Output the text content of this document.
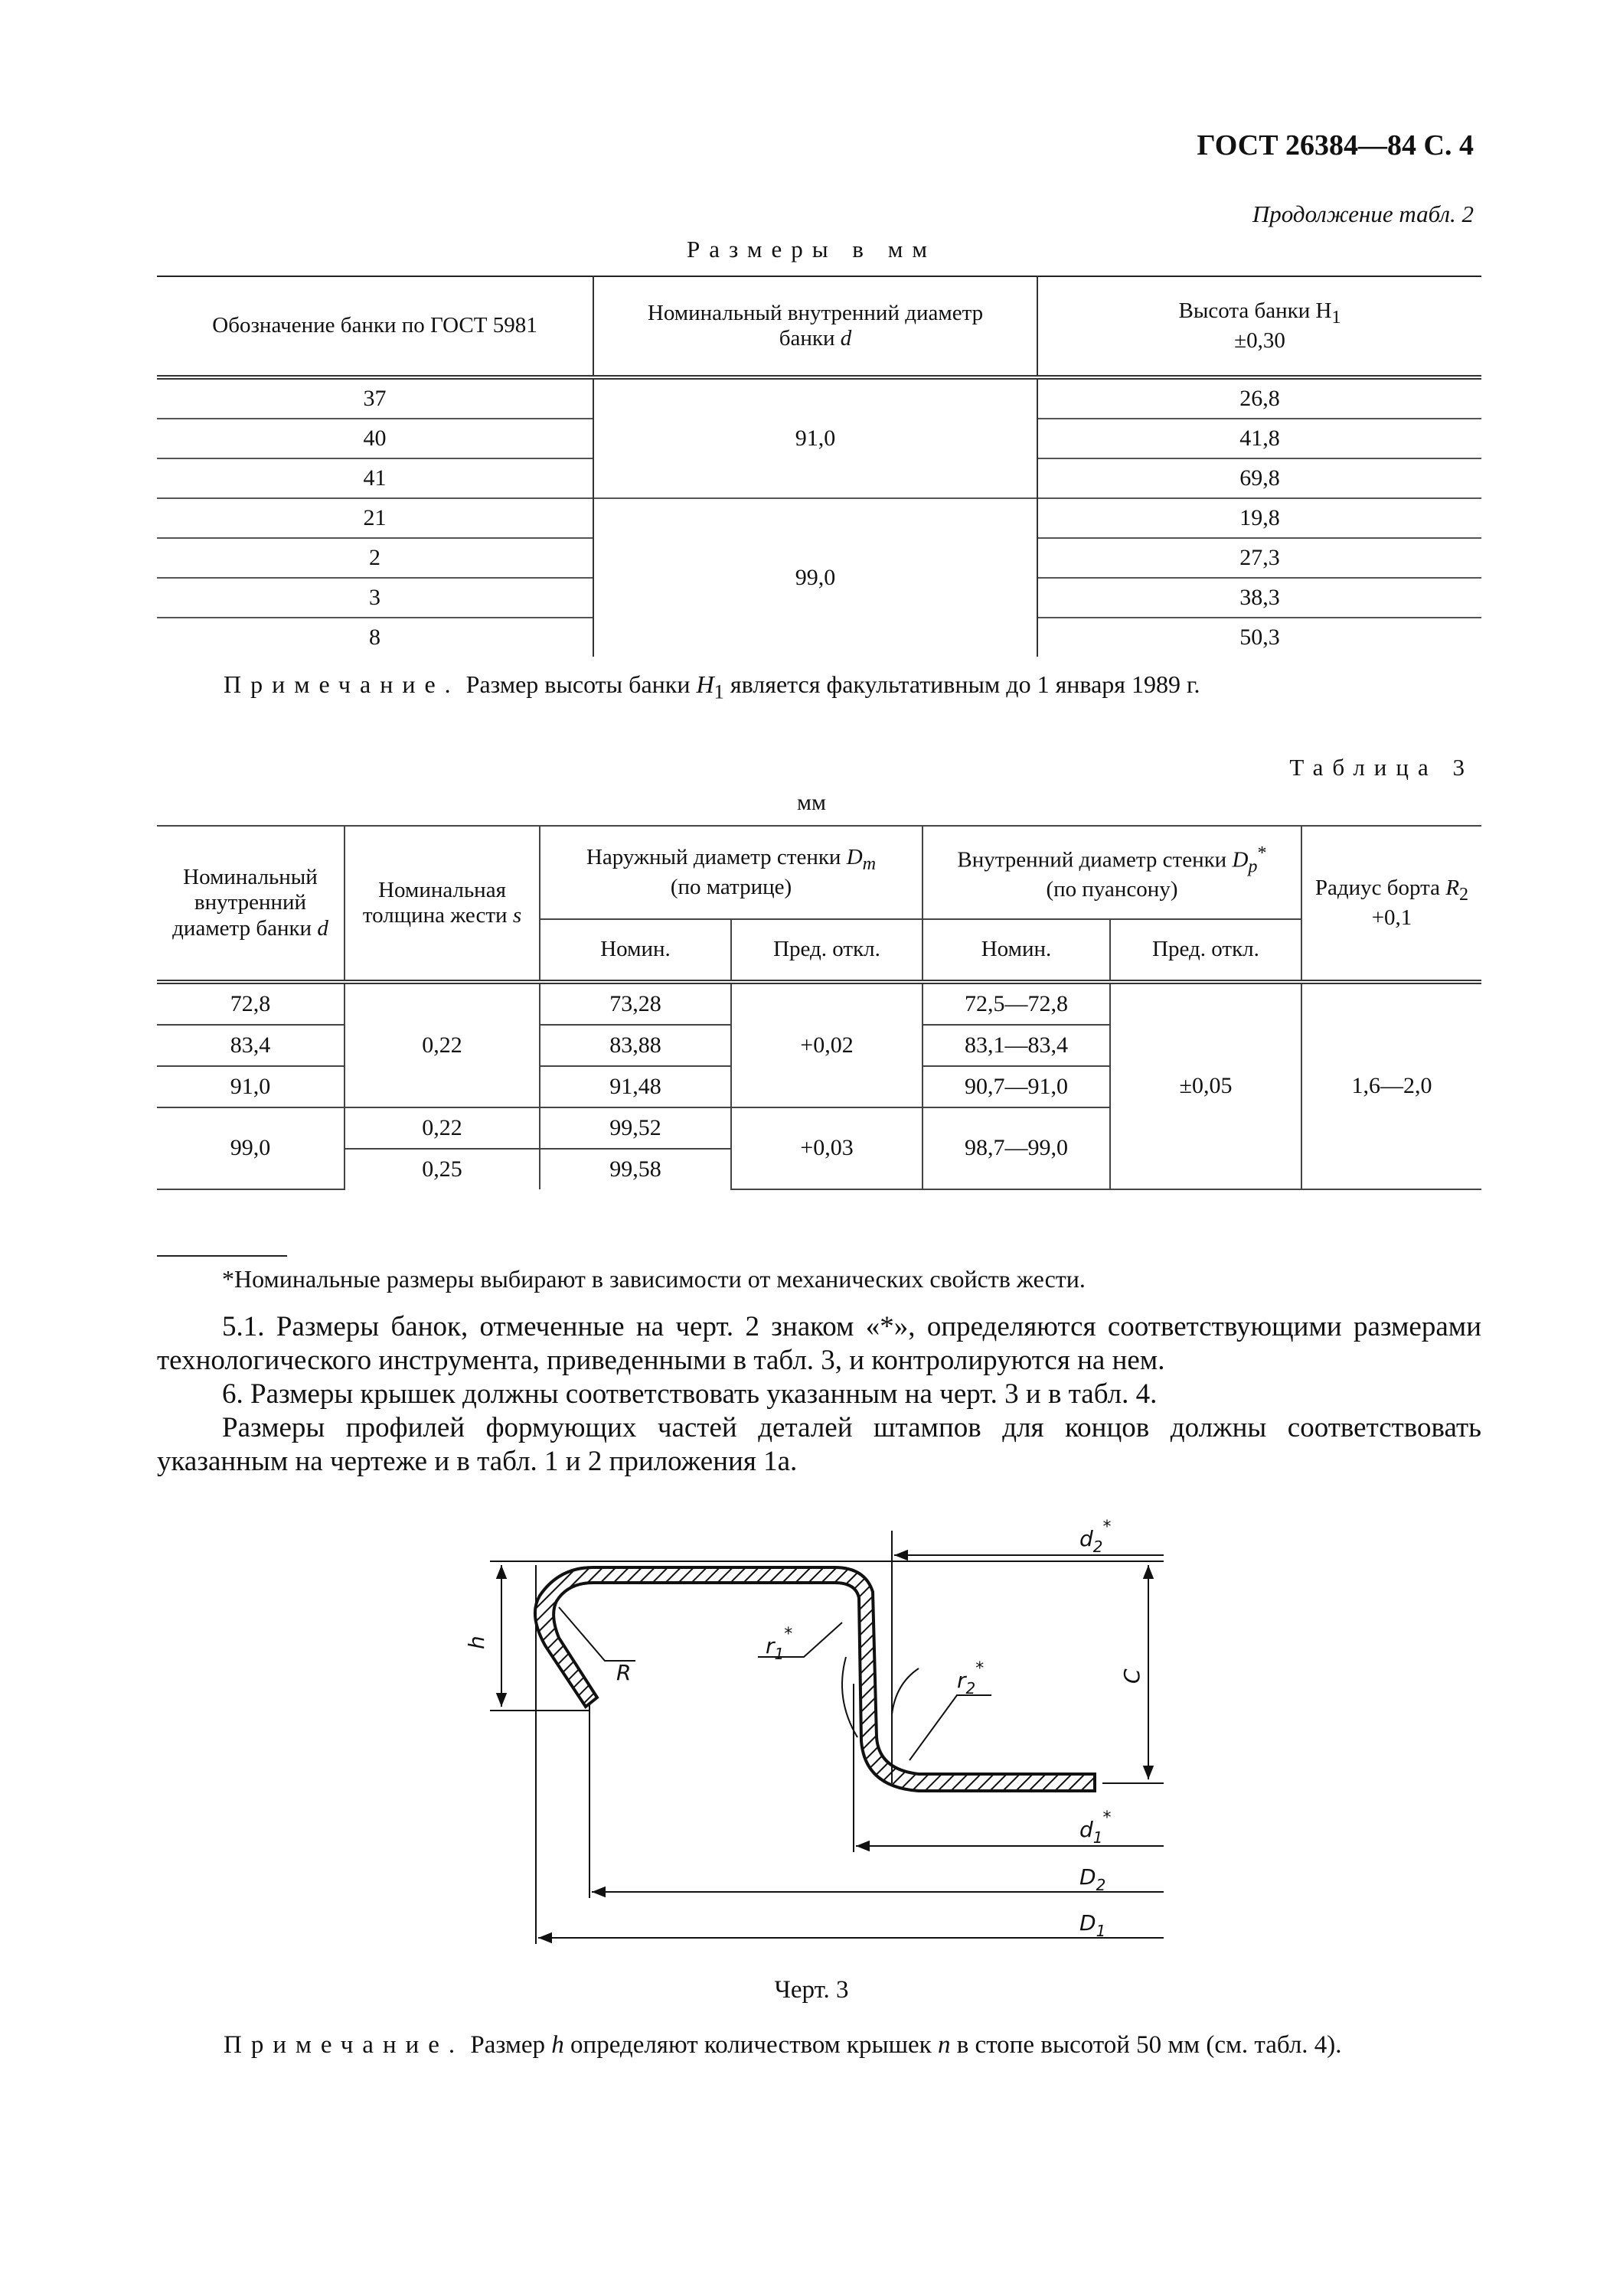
ГОСТ 26384—84 С. 4
Продолжение табл. 2
Размеры в мм
Обозначение банки по ГОСТ 5981	Номинальный внутренний диаметр
банки d	Высота банки $H_1$
±0,30
37	91,0	26,8
40		41,8
41		69,8
21	99,0	19,8
2		27,3
3		38,3
8		50,3
Примечание. Размер высоты банки $H_1$ является факультативным до 1 января 1989 г.
Таблица 3
мм
Номинальный
внутренний
диаметр банки d	Номинальная
толщина жести s	Наружный диаметр стенки $D_m$
(по матрице)		Внутренний диаметр стенки $D_p^*$
(по пуансону)		Радиус борта $R_2$
+0,1
		Номин.	Пред. откл.	Номин.	Пред. откл.	
72,8	0,22	73,28	+0,02	72,5—72,8	±0,05	1,6—2,0
83,4		83,88		83,1—83,4		
91,0		91,48		90,7—91,0		
99,0	0,22	99,52	+0,03	98,7—99,0		
	0,25	99,58				
*Номинальные размеры выбирают в зависимости от механических свойств жести.
5.1. Размеры банок, отмеченные на черт. 2 знаком «*», определяются соответствующими размерами технологического инструмента, приведенными в табл. 3, и контролируются на нем.
6. Размеры крышек должны соответствовать указанным на черт. 3 и в табл. 4.
Размеры профилей формующих частей деталей штампов для концов должны соответствовать указанным на чертеже и в табл. 1 и 2 приложения 1а.
h
R
$r_1^*$
$r_2^*$	C
$d_2^*$
$d_1^*$
$D_2$
$D_1$
Черт. 3
Примечание. Размер h определяют количеством крышек n в стопе высотой 50 мм (см. табл. 4).
